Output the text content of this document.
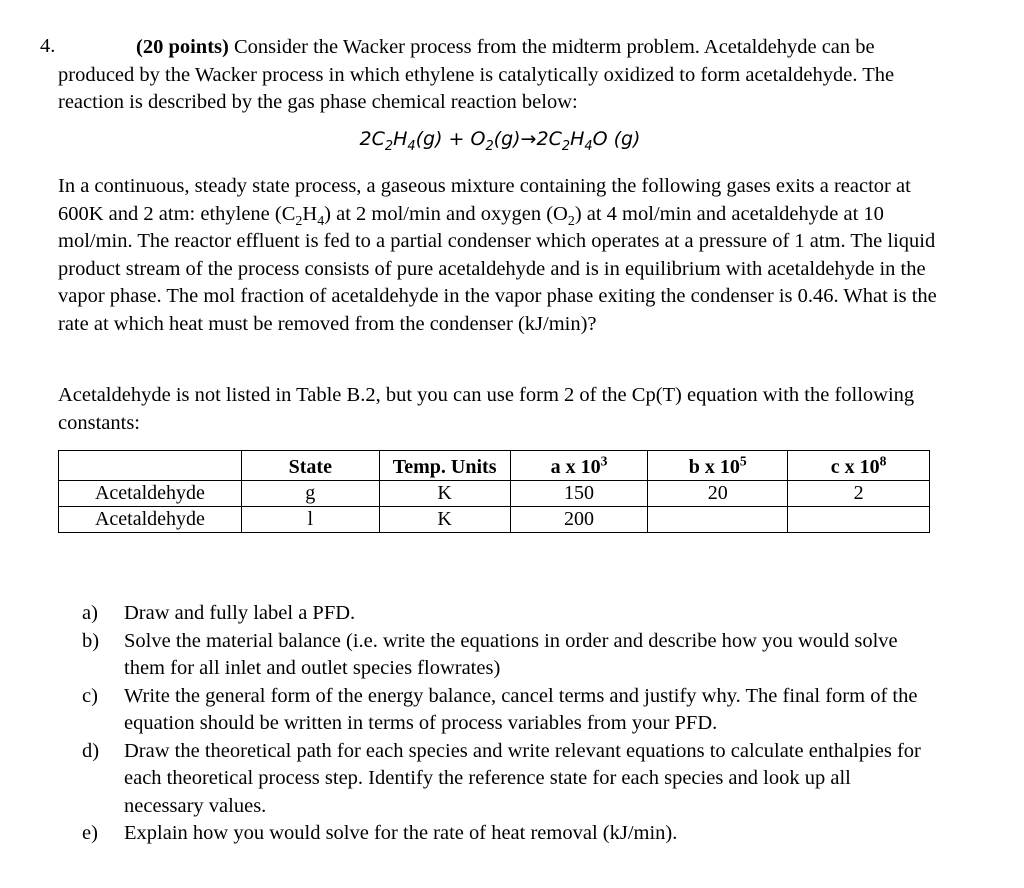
4.	(20 points) Consider the Wacker process from the midterm problem. Acetaldehyde can be produced by the Wacker process in which ethylene is catalytically oxidized to form acetaldehyde. The reaction is described by the gas phase chemical reaction below:

$2C_2H_4(g) + O_2(g)\to 2C_2H_4O$ (g)

In a continuous, steady state process, a gaseous mixture containing the following gases exits a reactor at 600K and 2 atm: ethylene $(C_2H_4)$ at 2 mol/min and oxygen $(O_2)$ at 4 mol/min and acetaldehyde at 10 mol/min. The reactor effluent is fed to a partial condenser which operates at a pressure of 1 atm. The liquid product stream of the process consists of pure acetaldehyde and is in equilibrium with acetaldehyde in the vapor phase. The mol fraction of acetaldehyde in the vapor phase exiting the condenser is 0.46. What is the rate at which heat must be removed from the condenser (kJ/min)?

Acetaldehyde is not listed in Table B.2, but you can use form 2 of the Cp(T) equation with the following constants:

	State	Temp. Units	a x $10^3$	b x $10^5$	c x $10^8$
Acetaldehyde	g	K	150	20	2
Acetaldehyde	l	K	200		
a) Draw and fully label a PFD.
b) Solve the material balance (i.e. write the equations in order and describe how you would solve them for all inlet and outlet species flowrates)
c) Write the general form of the energy balance, cancel terms and justify why. The final form of the equation should be written in terms of process variables from your PFD.
d) Draw the theoretical path for each species and write relevant equations to calculate enthalpies for each theoretical process step. Identify the reference state for each species and look up all necessary values.
e) Explain how you would solve for the rate of heat removal (kJ/min).
